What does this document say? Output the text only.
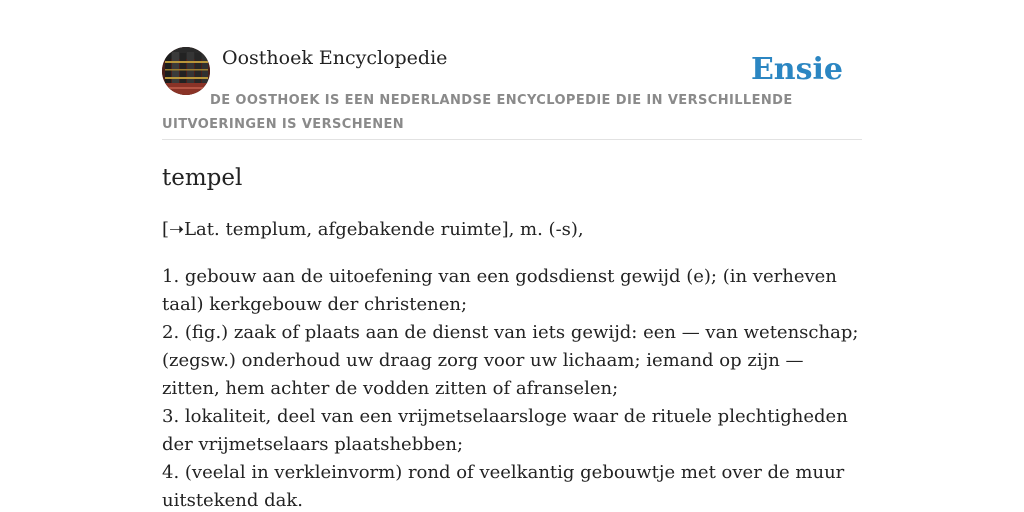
Oosthoek Encyclopedie	Ensie

DE OOSTHOEK IS EEN NEDERLANDSE ENCYCLOPEDIE DIE IN VERSCHILLENDE UITVOERINGEN IS VERSCHENEN

tempel

[➝Lat. templum, afgebakende ruimte], m. (-s),

1. gebouw aan de uitoefening van een godsdienst gewijd (e); (in verheven taal) kerkgebouw der christenen;
2. (fig.) zaak of plaats aan de dienst van iets gewijd: een — van wetenschap; (zegsw.) onderhoud uw draag zorg voor uw lichaam; iemand op zijn — zitten, hem achter de vodden zitten of afranselen;
3. lokaliteit, deel van een vrijmetselaarsloge waar de rituele plechtigheden der vrijmetselaars plaatshebben;
4. (veelal in verkleinvorm) rond of veelkantig gebouwtje met over de muur uitstekend dak.
